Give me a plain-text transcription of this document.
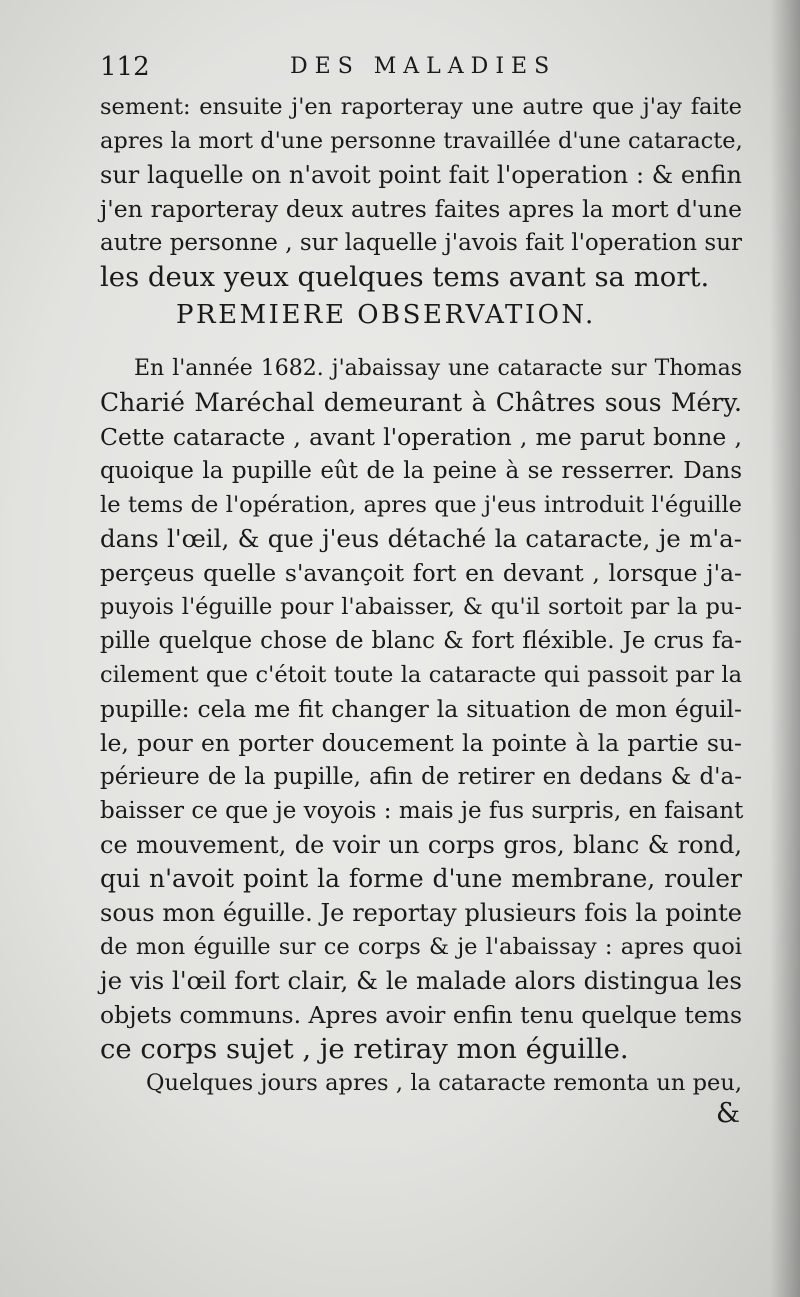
112	DES MALADIES
sement: ensuite j'en raporteray une autre que j'ay faite
apres la mort d'une personne travaillée d'une cataracte,
sur laquelle on n'avoit point fait l'operation : & enfin
j'en raporteray deux autres faites apres la mort d'une
autre personne , sur laquelle j'avois fait l'operation sur
les deux yeux quelques tems avant sa mort.
PREMIERE OBSERVATION.
En l'année 1682. j'abaissay une cataracte sur Thomas
Charié Maréchal demeurant à Châtres sous Méry.
Cette cataracte , avant l'operation , me parut bonne ,
quoique la pupille eût de la peine à se resserrer. Dans
le tems de l'opération, apres que j'eus introduit l'éguille
dans l'œil, & que j'eus détaché la cataracte, je m'a-
perçeus quelle s'avançoit fort en devant , lorsque j'a-
puyois l'éguille pour l'abaisser, & qu'il sortoit par la pu-
pille quelque chose de blanc & fort fléxible. Je crus fa-
cilement que c'étoit toute la cataracte qui passoit par la
pupille: cela me fit changer la situation de mon éguil-
le, pour en porter doucement la pointe à la partie su-
périeure de la pupille, afin de retirer en dedans & d'a-
baisser ce que je voyois : mais je fus surpris, en faisant
ce mouvement, de voir un corps gros, blanc & rond,
qui n'avoit point la forme d'une membrane, rouler
sous mon éguille. Je reportay plusieurs fois la pointe
de mon éguille sur ce corps & je l'abaissay : apres quoi
je vis l'œil fort clair, & le malade alors distingua les
objets communs. Apres avoir enfin tenu quelque tems
ce corps sujet , je retiray mon éguille.
Quelques jours apres , la cataracte remonta un peu,
&
